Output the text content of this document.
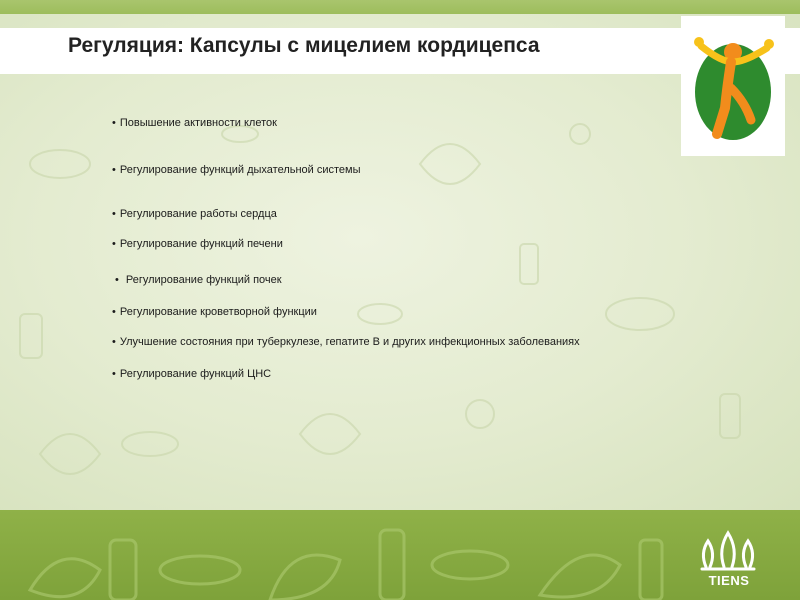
Регуляция: Капсулы с мицелием кордицепса
• Повышение активности клеток
• Регулирование функций дыхательной системы
• Регулирование работы сердца
• Регулирование функций печени
• Регулирование функций почек
• Регулирование кроветворной функции
• Улучшение состояния при туберкулезе, гепатите В и других инфекционных заболеваниях
• Регулирование функций ЦНС
TIENS
